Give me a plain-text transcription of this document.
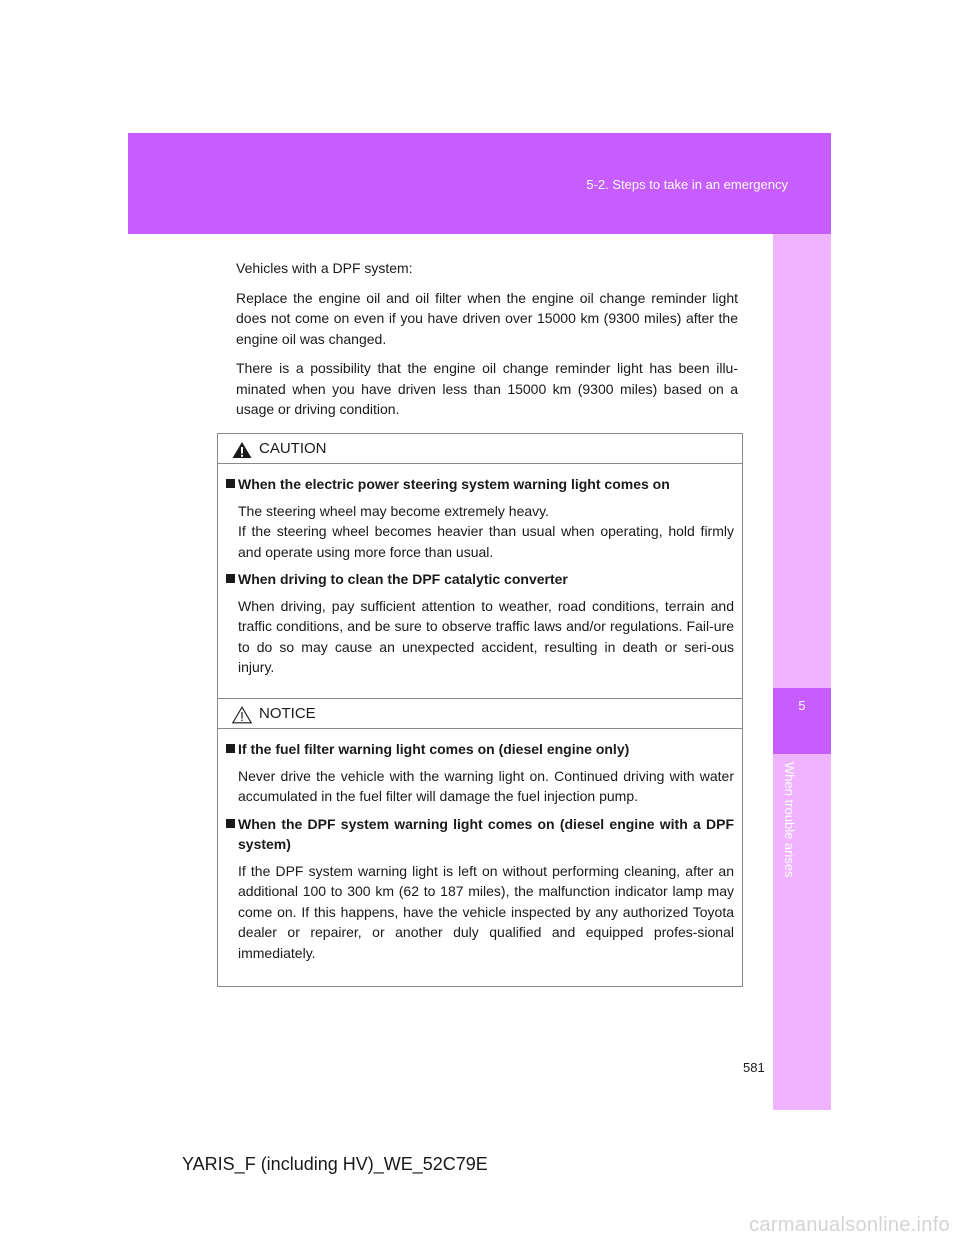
5-2. Steps to take in an emergency
5
When trouble arises

Vehicles with a DPF system:

Replace the engine oil and oil filter when the engine oil change reminder light does not come on even if you have driven over 15000 km (9300 miles) after the engine oil was changed.

There is a possibility that the engine oil change reminder light has been illu-minated when you have driven less than 15000 km (9300 miles) based on a usage or driving condition.

CAUTION
When the electric power steering system warning light comes on
The steering wheel may become extremely heavy.
If the steering wheel becomes heavier than usual when operating, hold firmly and operate using more force than usual.
When driving to clean the DPF catalytic converter
When driving, pay sufficient attention to weather, road conditions, terrain and traffic conditions, and be sure to observe traffic laws and/or regulations. Fail-ure to do so may cause an unexpected accident, resulting in death or seri-ous injury.
NOTICE
If the fuel filter warning light comes on (diesel engine only)
Never drive the vehicle with the warning light on. Continued driving with water accumulated in the fuel filter will damage the fuel injection pump.
When the DPF system warning light comes on (diesel engine with a DPF system)
If the DPF system warning light is left on without performing cleaning, after an additional 100 to 300 km (62 to 187 miles), the malfunction indicator lamp may come on. If this happens, have the vehicle inspected by any authorized Toyota dealer or repairer, or another duly qualified and equipped profes-sional immediately.
581
YARIS_F (including HV)_WE_52C79E
carmanualsonline.info
